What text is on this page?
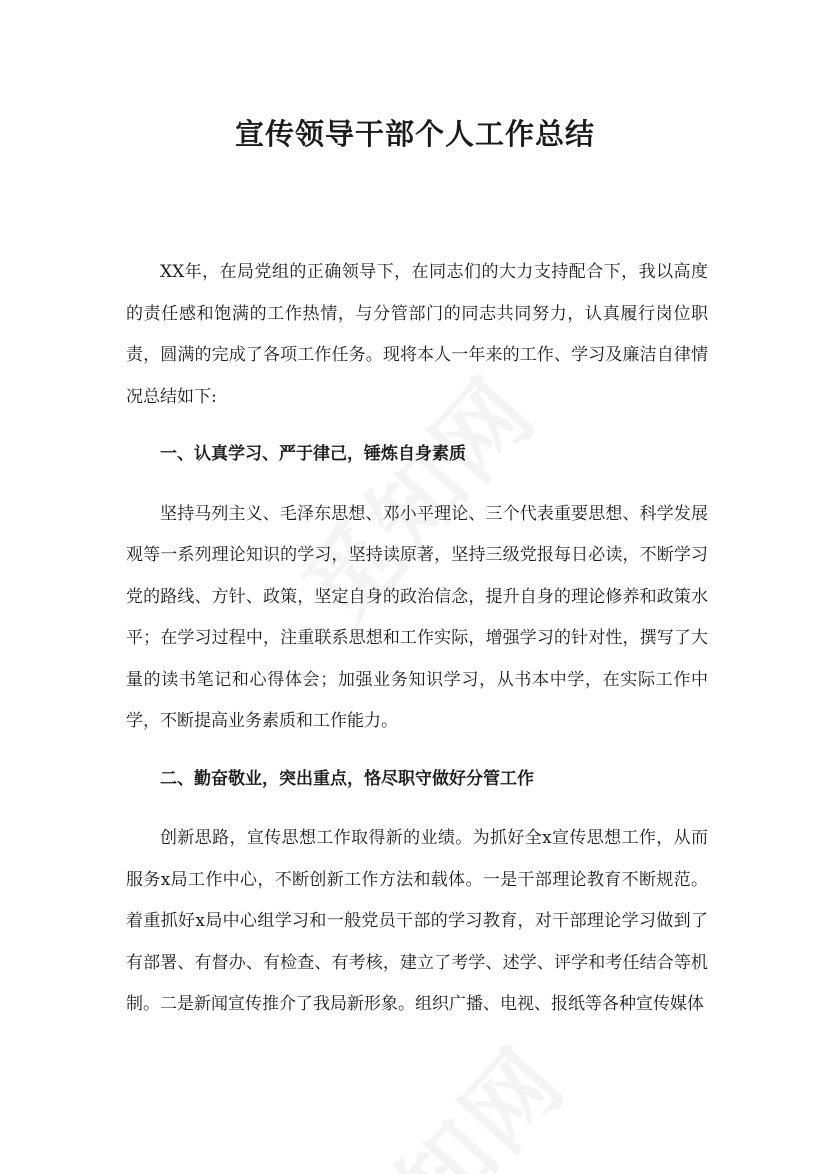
宣传领导干部个人工作总结

XX年，在局党组的正确领导下，在同志们的大力支持配合下，我以高度的责任感和饱满的工作热情，与分管部门的同志共同努力，认真履行岗位职责，圆满的完成了各项工作任务。现将本人一年来的工作、学习及廉洁自律情况总结如下:

一、认真学习、严于律己，锤炼自身素质

坚持马列主义、毛泽东思想、邓小平理论、三个代表重要思想、科学发展观等一系列理论知识的学习，坚持读原著，坚持三级党报每日必读，不断学习党的路线、方针、政策，坚定自身的政治信念，提升自身的理论修养和政策水平；在学习过程中，注重联系思想和工作实际，增强学习的针对性，撰写了大量的读书笔记和心得体会；加强业务知识学习，从书本中学，在实际工作中学，不断提高业务素质和工作能力。

二、勤奋敬业，突出重点，恪尽职守做好分管工作

创新思路，宣传思想工作取得新的业绩。为抓好全x宣传思想工作，从而服务x局工作中心，不断创新工作方法和载体。一是干部理论教育不断规范。着重抓好x局中心组学习和一般党员干部的学习教育，对干部理论学习做到了有部署、有督办、有检查、有考核，建立了考学、述学、评学和考任结合等机制。二是新闻宣传推介了我局新形象。组织广播、电视、报纸等各种宣传媒体
